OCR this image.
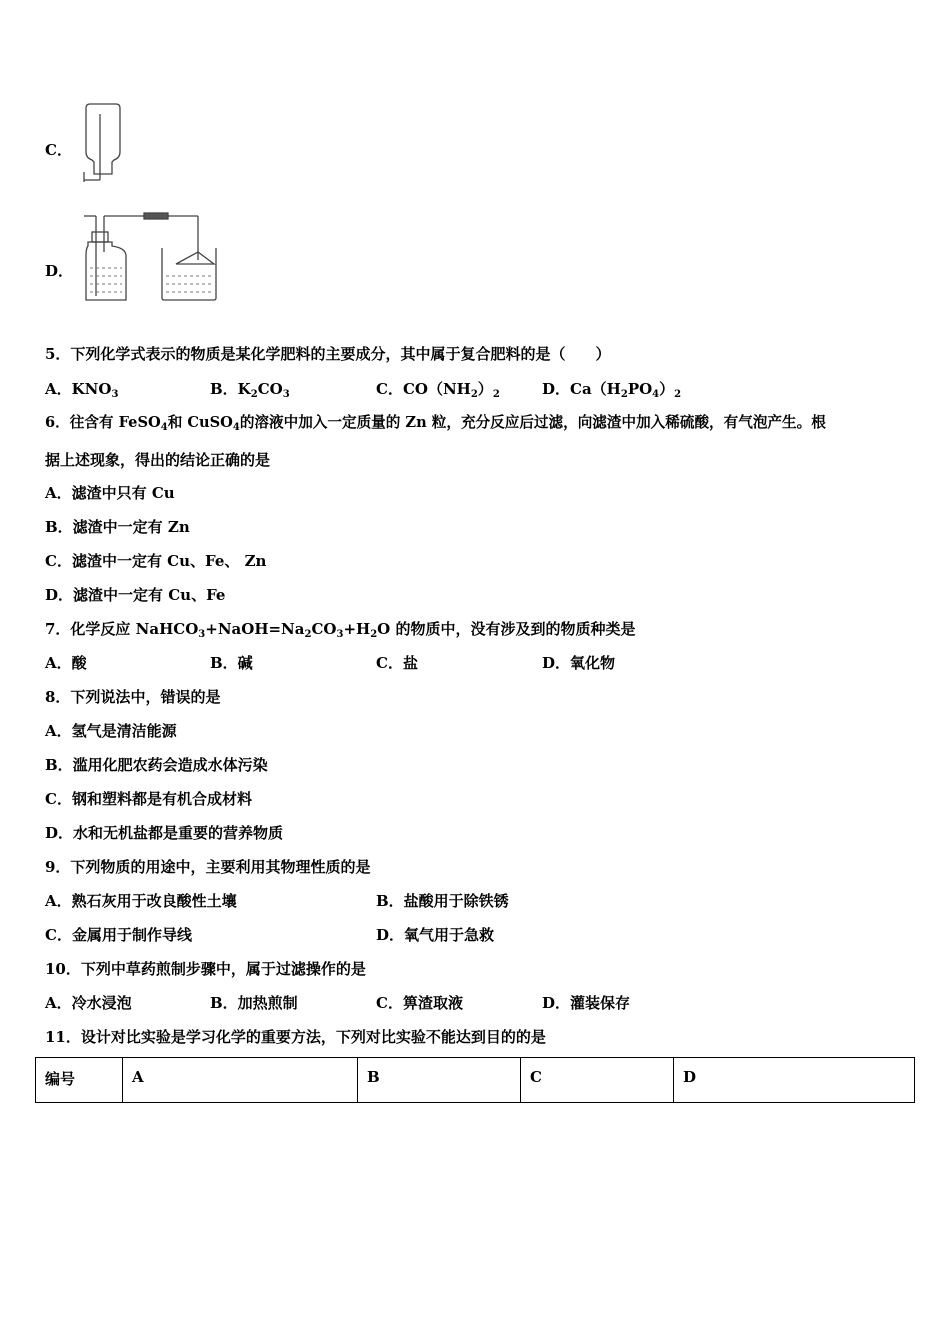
C．
D．
5．下列化学式表示的物质是某化学肥料的主要成分，其中属于复合肥料的是（　　）
A．$KNO_3$	B．$K_2CO_3$	C．$CO(NH_2)_2$	D．$Ca(H_2PO_4)_2$
6．往含有 FeSO$_4$和 CuSO$_4$的溶液中加入一定质量的 Zn 粒，充分反应后过滤，向滤渣中加入稀硫酸，有气泡产生。根
据上述现象，得出的结论正确的是
A．滤渣中只有 Cu
B．滤渣中一定有 Zn
C．滤渣中一定有 Cu、Fe、 Zn
D．滤渣中一定有 Cu、Fe
7．化学反应 $NaHCO_3+NaOH=Na_2CO_3+H_2O$ 的物质中，没有涉及到的物质种类是
A．酸	B．碱	C．盐	D．氧化物
8．下列说法中，错误的是
A．氢气是清洁能源
B．滥用化肥农药会造成水体污染
C．钢和塑料都是有机合成材料
D．水和无机盐都是重要的营养物质
9．下列物质的用途中，主要利用其物理性质的是
A．熟石灰用于改良酸性土壤	B．盐酸用于除铁锈
C．金属用于制作导线	D．氧气用于急救
10．下列中草药煎制步骤中，属于过滤操作的是
A．冷水浸泡	B．加热煎制	C．箅渣取液	D．灌装保存
11．设计对比实验是学习化学的重要方法，下列对比实验不能达到目的的是
编号	A	B	C	D
